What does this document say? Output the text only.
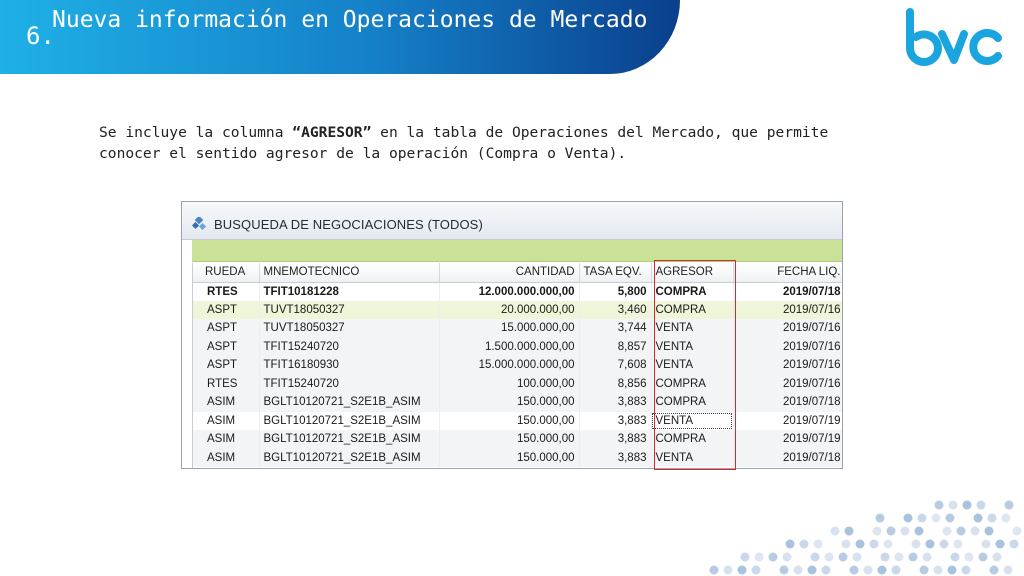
6.
Nueva información en Operaciones de Mercado

Se incluye la columna “AGRESOR” en la tabla de Operaciones del Mercado, que permite conocer el sentido agresor de la operación (Compra o Venta).

BUSQUEDA DE NEGOCIACIONES (TODOS)
RUEDA	MNEMOTECNICO	CANTIDAD	TASA EQV.	AGRESOR	FECHA LIQ.
RTES	TFIT10181228	12.000.000.000,00	5,800	COMPRA	2019/07/18
ASPT	TUVT18050327	20.000.000,00	3,460	COMPRA	2019/07/16
ASPT	TUVT18050327	15.000.000,00	3,744	VENTA	2019/07/16
ASPT	TFIT15240720	1.500.000.000,00	8,857	VENTA	2019/07/16
ASPT	TFIT16180930	15.000.000.000,00	7,608	VENTA	2019/07/16
RTES	TFIT15240720	100.000,00	8,856	COMPRA	2019/07/16
ASIM	BGLT10120721_S2E1B_ASIM	150.000,00	3,883	COMPRA	2019/07/18
ASIM	BGLT10120721_S2E1B_ASIM	150.000,00	3,883	VENTA	2019/07/19
ASIM	BGLT10120721_S2E1B_ASIM	150.000,00	3,883	COMPRA	2019/07/19
ASIM	BGLT10120721_S2E1B_ASIM	150.000,00	3,883	VENTA	2019/07/18
